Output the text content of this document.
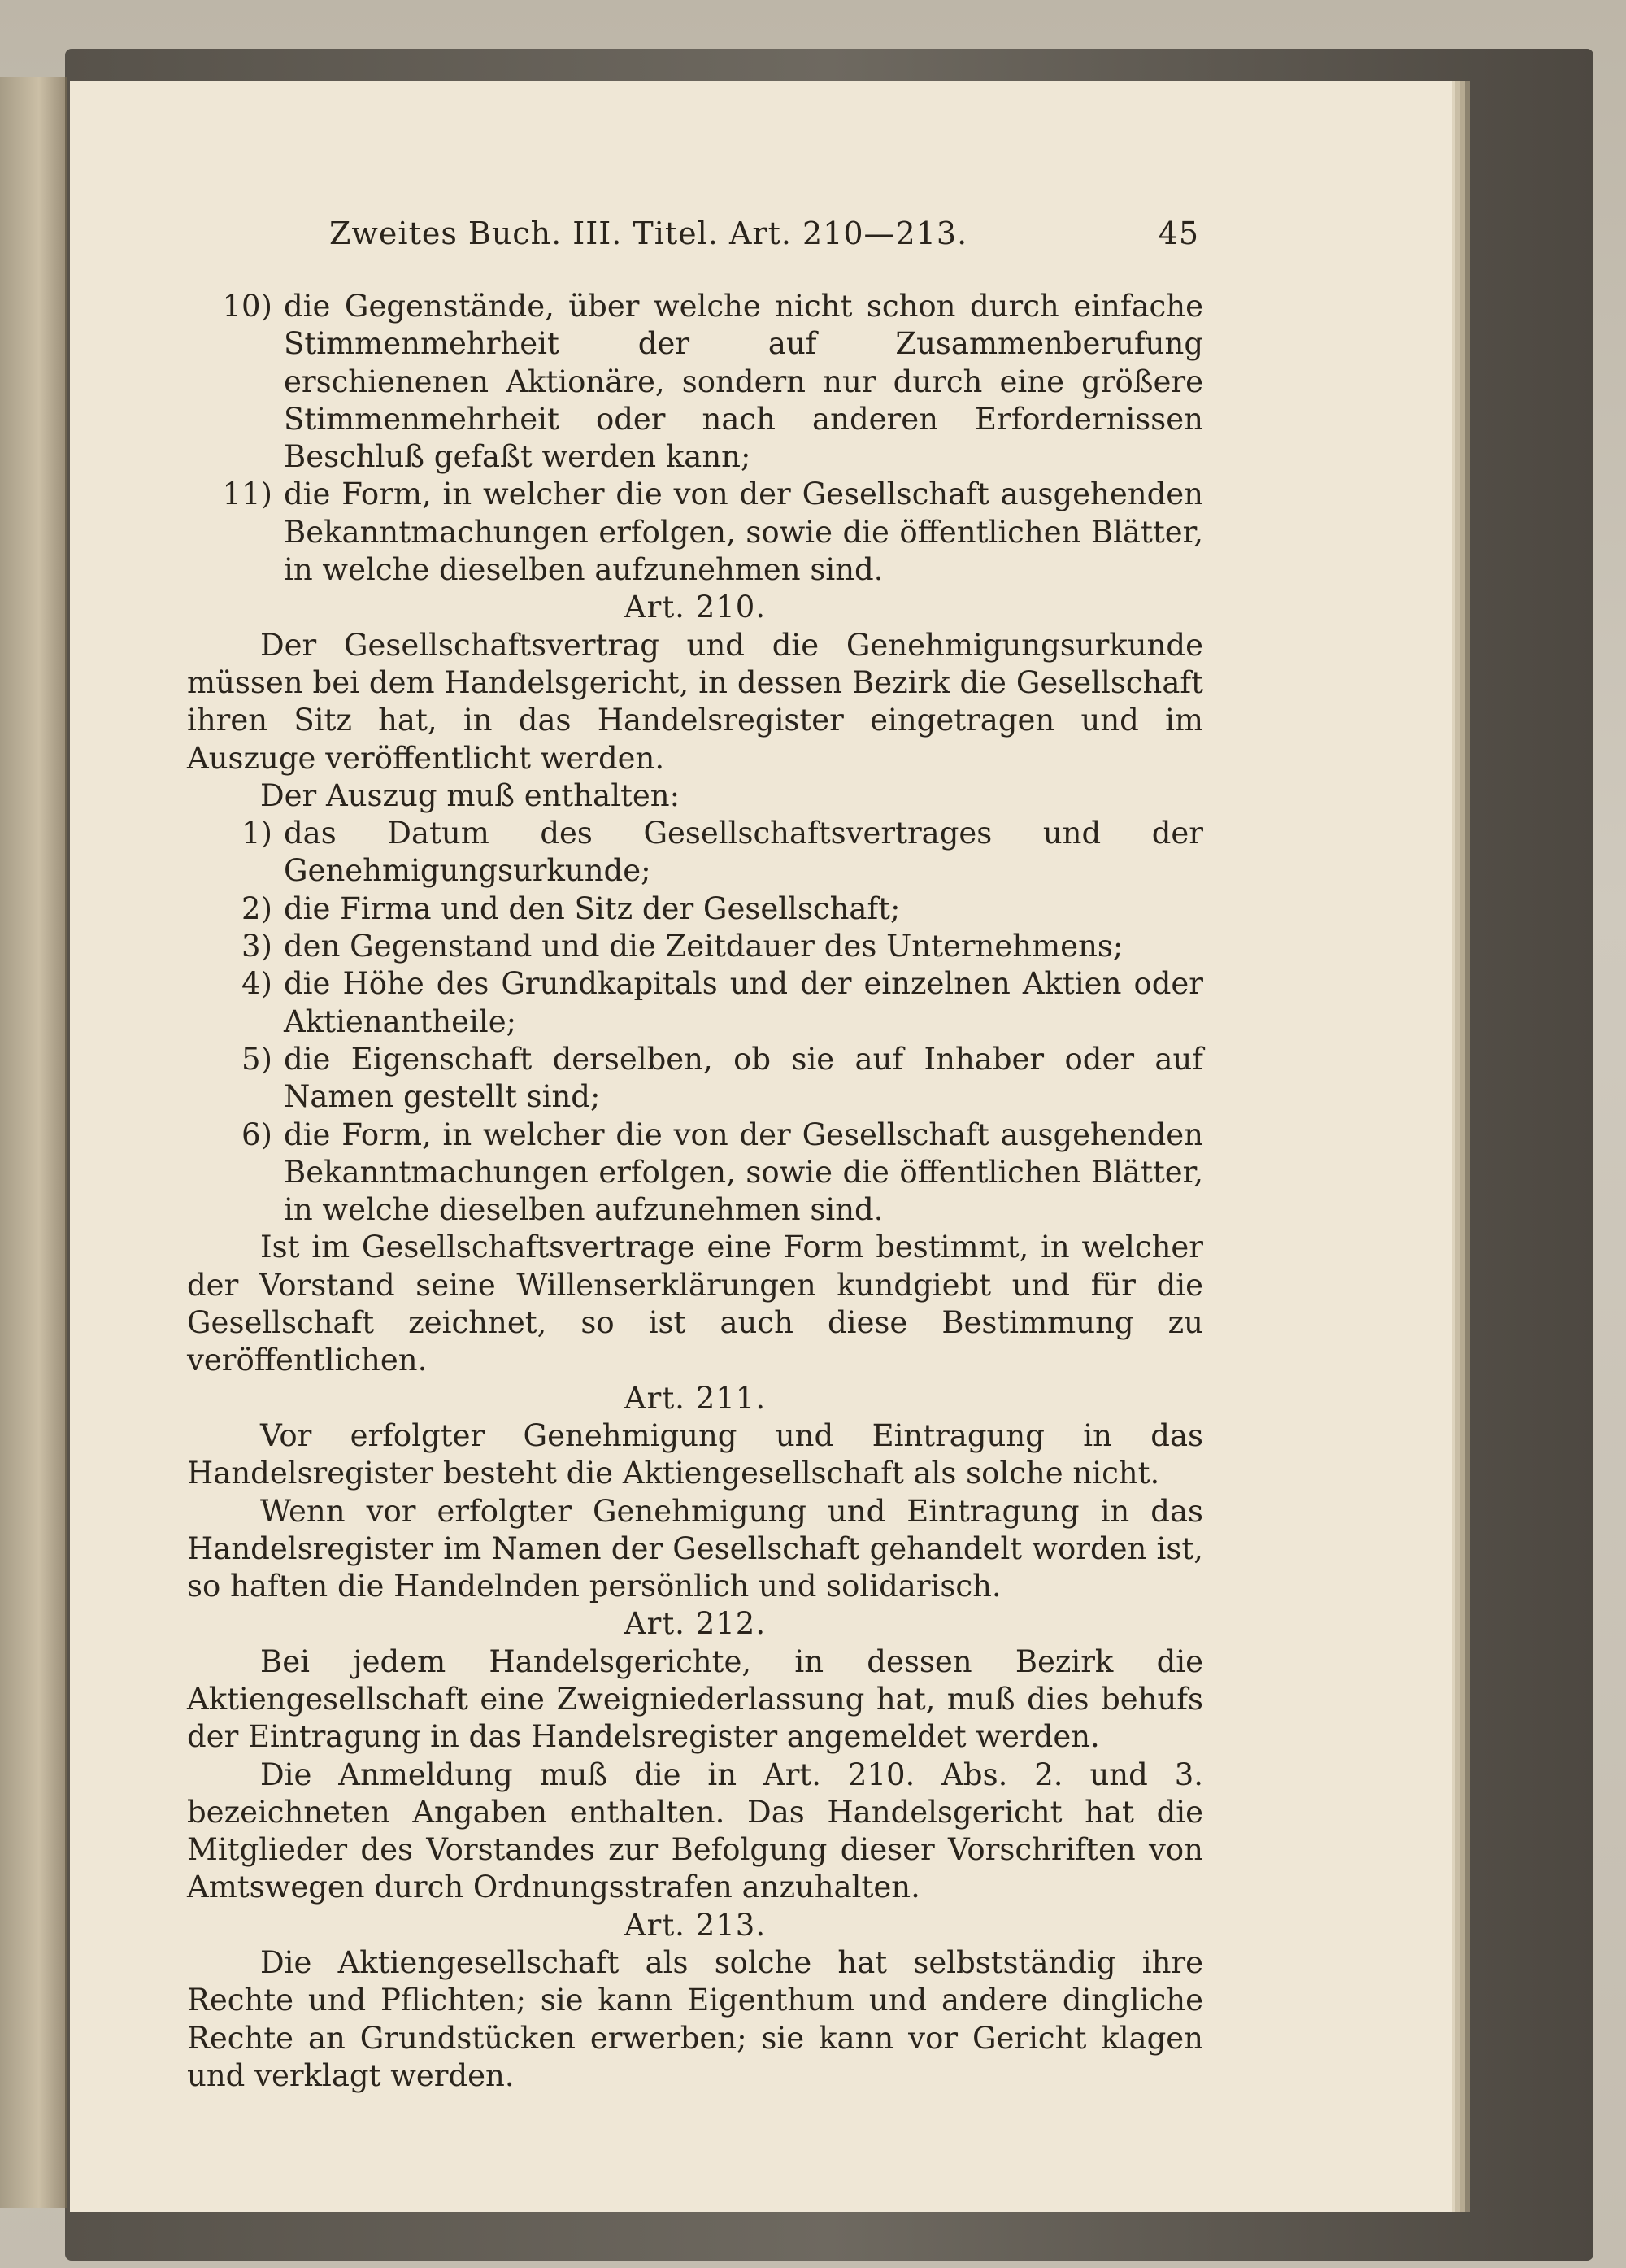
Zweites Buch. III. Titel. Art. 210—213.	45
10) die Gegenstände, über welche nicht schon durch einfache Stimmenmehrheit der auf Zusammenberufung erschienenen Aktionäre, sondern nur durch eine größere Stimmenmehrheit oder nach anderen Erfordernissen Beschluß gefaßt werden kann;
11) die Form, in welcher die von der Gesellschaft ausgehenden Bekanntmachungen erfolgen, sowie die öffentlichen Blätter, in welche dieselben aufzunehmen sind.
Art. 210.

Der Gesellschaftsvertrag und die Genehmigungsurkunde müssen bei dem Handelsgericht, in dessen Bezirk die Gesellschaft ihren Sitz hat, in das Handelsregister eingetragen und im Auszuge veröffentlicht werden.

Der Auszug muß enthalten:

1) das Datum des Gesellschaftsvertrages und der Genehmigungsurkunde;
2) die Firma und den Sitz der Gesellschaft;
3) den Gegenstand und die Zeitdauer des Unternehmens;
4) die Höhe des Grundkapitals und der einzelnen Aktien oder Aktienantheile;
5) die Eigenschaft derselben, ob sie auf Inhaber oder auf Namen gestellt sind;
6) die Form, in welcher die von der Gesellschaft ausgehenden Bekanntmachungen erfolgen, sowie die öffentlichen Blätter, in welche dieselben aufzunehmen sind.

Ist im Gesellschaftsvertrage eine Form bestimmt, in welcher der Vorstand seine Willenserklärungen kundgiebt und für die Gesellschaft zeichnet, so ist auch diese Bestimmung zu veröffentlichen.

Art. 211.

Vor erfolgter Genehmigung und Eintragung in das Handelsregister besteht die Aktiengesellschaft als solche nicht.

Wenn vor erfolgter Genehmigung und Eintragung in das Handelsregister im Namen der Gesellschaft gehandelt worden ist, so haften die Handelnden persönlich und solidarisch.

Art. 212.

Bei jedem Handelsgerichte, in dessen Bezirk die Aktiengesellschaft eine Zweigniederlassung hat, muß dies behufs der Eintragung in das Handelsregister angemeldet werden.

Die Anmeldung muß die in Art. 210. Abs. 2. und 3. bezeichneten Angaben enthalten. Das Handelsgericht hat die Mitglieder des Vorstandes zur Befolgung dieser Vorschriften von Amtswegen durch Ordnungsstrafen anzuhalten.

Art. 213.

Die Aktiengesellschaft als solche hat selbstständig ihre Rechte und Pflichten; sie kann Eigenthum und andere dingliche Rechte an Grundstücken erwerben; sie kann vor Gericht klagen und verklagt werden.
